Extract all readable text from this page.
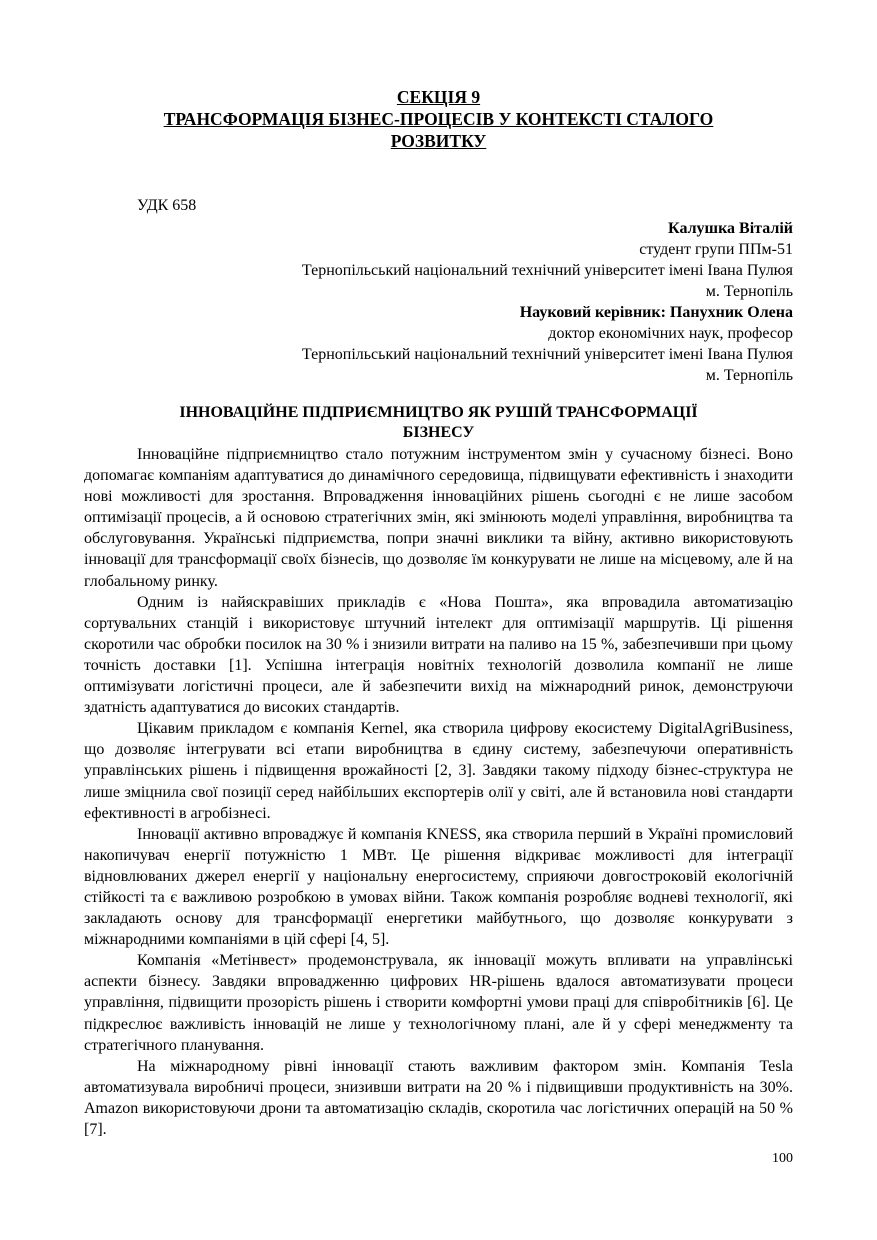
СЕКЦІЯ 9
ТРАНСФОРМАЦІЯ БІЗНЕС-ПРОЦЕСІВ У КОНТЕКСТІ СТАЛОГО
РОЗВИТКУ
УДК 658
Калушка Віталій
студент групи ППм-51
Тернопільський національний технічний університет імені Івана Пулюя
м. Тернопіль
Науковий керівник: Панухник Олена
доктор економічних наук, професор
Тернопільський національний технічний університет імені Івана Пулюя
м. Тернопіль
ІННОВАЦІЙНЕ ПІДПРИЄМНИЦТВО ЯК РУШІЙ ТРАНСФОРМАЦІЇ
БІЗНЕСУ

Інноваційне підприємництво стало потужним інструментом змін у сучасному бізнесі. Воно допомагає компаніям адаптуватися до динамічного середовища, підвищувати ефективність і знаходити нові можливості для зростання. Впровадження інноваційних рішень сьогодні є не лише засобом оптимізації процесів, а й основою стратегічних змін, які змінюють моделі управління, виробництва та обслуговування. Українські підприємства, попри значні виклики та війну, активно використовують інновації для трансформації своїх бізнесів, що дозволяє їм конкурувати не лише на місцевому, але й на глобальному ринку.

Одним із найяскравіших прикладів є «Нова Пошта», яка впровадила автоматизацію сортувальних станцій і використовує штучний інтелект для оптимізації маршрутів. Ці рішення скоротили час обробки посилок на 30 % і знизили витрати на паливо на 15 %, забезпечивши при цьому точність доставки [1]. Успішна інтеграція новітніх технологій дозволила компанії не лише оптимізувати логістичні процеси, але й забезпечити вихід на міжнародний ринок, демонструючи здатність адаптуватися до високих стандартів.

Цікавим прикладом є компанія Kernel, яка створила цифрову екосистему DigitalAgriBusiness, що дозволяє інтегрувати всі етапи виробництва в єдину систему, забезпечуючи оперативність управлінських рішень і підвищення врожайності [2, 3]. Завдяки такому підходу бізнес-структура не лише зміцнила свої позиції серед найбільших експортерів олії у світі, але й встановила нові стандарти ефективності в агробізнесі.

Інновації активно впроваджує й компанія KNESS, яка створила перший в Україні промисловий накопичувач енергії потужністю 1 МВт. Це рішення відкриває можливості для інтеграції відновлюваних джерел енергії у національну енергосистему, сприяючи довгостроковій екологічній стійкості та є важливою розробкою в умовах війни. Також компанія розробляє водневі технології, які закладають основу для трансформації енергетики майбутнього, що дозволяє конкурувати з міжнародними компаніями в цій сфері [4, 5].

Компанія «Метінвест» продемонструвала, як інновації можуть впливати на управлінські аспекти бізнесу. Завдяки впровадженню цифрових HR-рішень вдалося автоматизувати процеси управління, підвищити прозорість рішень і створити комфортні умови праці для співробітників [6]. Це підкреслює важливість інновацій не лише у технологічному плані, але й у сфері менеджменту та стратегічного планування.

На міжнародному рівні інновації стають важливим фактором змін. Компанія Tesla автоматизувала виробничі процеси, знизивши витрати на 20 % і підвищивши продуктивність на 30%. Amazon використовуючи дрони та автоматизацію складів, скоротила час логістичних операцій на 50 % [7].

100
